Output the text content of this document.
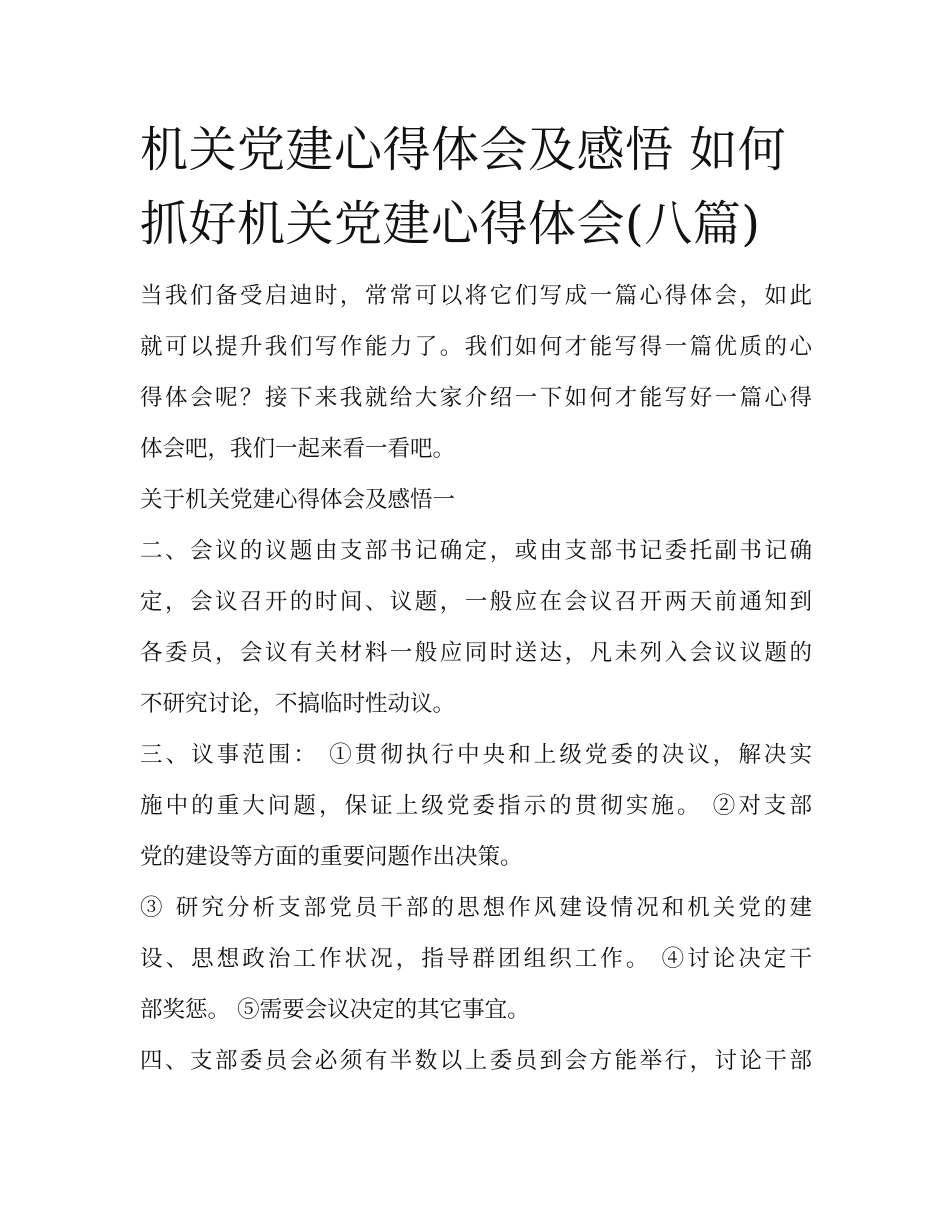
机关党建心得体会及感悟 如何
抓好机关党建心得体会(八篇)

当我们备受启迪时，常常可以将它们写成一篇心得体会，如此
就可以提升我们写作能力了。我们如何才能写得一篇优质的心
得体会呢？接下来我就给大家介绍一下如何才能写好一篇心得
体会吧，我们一起来看一看吧。

关于机关党建心得体会及感悟一

二、会议的议题由支部书记确定，或由支部书记委托副书记确
定，会议召开的时间、议题，一般应在会议召开两天前通知到
各委员，会议有关材料一般应同时送达，凡未列入会议议题的
不研究讨论，不搞临时性动议。

三、议事范围： ①贯彻执行中央和上级党委的决议，解决实
施中的重大问题，保证上级党委指示的贯彻实施。 ②对支部
党的建设等方面的重要问题作出决策。

③ 研究分析支部党员干部的思想作风建设情况和机关党的建
设、思想政治工作状况，指导群团组织工作。 ④讨论决定干
部奖惩。 ⑤需要会议决定的其它事宜。

四、支部委员会必须有半数以上委员到会方能举行，讨论干部
